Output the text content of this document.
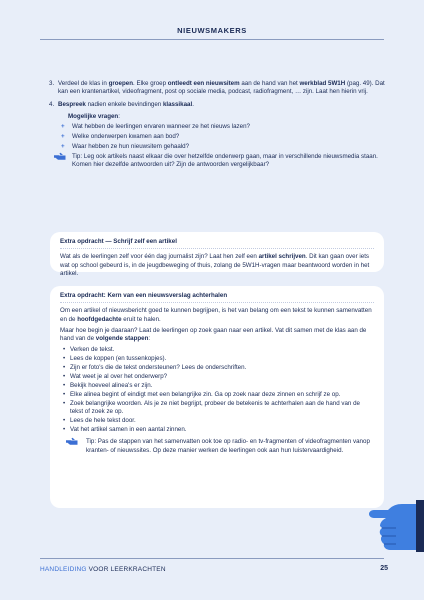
NIEUWSMAKERS
3. Verdeel de klas in groepen. Elke groep ontleedt een nieuwsitem aan de hand van het werkblad 5W1H (pag. 49). Dat kan een krantenartikel, videofragment, post op sociale media, podcast, radiofragment, … zijn. Laat hen hierin vrij.
4. Bespreek nadien enkele bevindingen klassikaal.
Mogelijke vragen:
+ Wat hebben de leerlingen ervaren wanneer ze het nieuws lazen?
+ Welke onderwerpen kwamen aan bod?
+ Waar hebben ze hun nieuwsitem gehaald?
Tip: Leg ook artikels naast elkaar die over hetzelfde onderwerp gaan, maar in verschillende nieuwsmedia staan. Komen hier dezelfde antwoorden uit? Zijn de antwoorden vergelijkbaar?
Extra opdracht — Schrijf zelf een artikel

Wat als de leerlingen zelf voor één dag journalist zijn? Laat hen zelf een artikel schrijven. Dit kan gaan over iets wat op school gebeurd is, in de jeugdbeweging of thuis, zolang de 5W1H-vragen maar beantwoord worden in het artikel.

Extra opdracht: Kern van een nieuwsverslag achterhalen

Om een artikel of nieuwsbericht goed te kunnen begrijpen, is het van belang om een tekst te kunnen samenvatten en de hoofdgedachte eruit te halen.

Maar hoe begin je daaraan? Laat de leerlingen op zoek gaan naar een artikel. Vat dit samen met de klas aan de hand van de volgende stappen:

• Verken de tekst.
• Lees de koppen (en tussenkopjes).
• Zijn er foto's die de tekst ondersteunen? Lees de onderschriften.
• Wat weet je al over het onderwerp?
• Bekijk hoeveel alinea's er zijn.
• Elke alinea begint of eindigt met een belangrijke zin. Ga op zoek naar deze zinnen en schrijf ze op.
• Zoek belangrijke woorden. Als je ze niet begrijpt, probeer de betekenis te achterhalen aan de hand van de tekst of zoek ze op.
• Lees de hele tekst door.
• Vat het artikel samen in een aantal zinnen.
Tip: Pas de stappen van het samenvatten ook toe op radio- en tv-fragmenten of videofragmenten vanop kranten- of nieuwssites. Op deze manier werken de leerlingen ook aan hun luistervaardigheid.
HANDLEIDING VOOR LEERKRACHTEN	25
